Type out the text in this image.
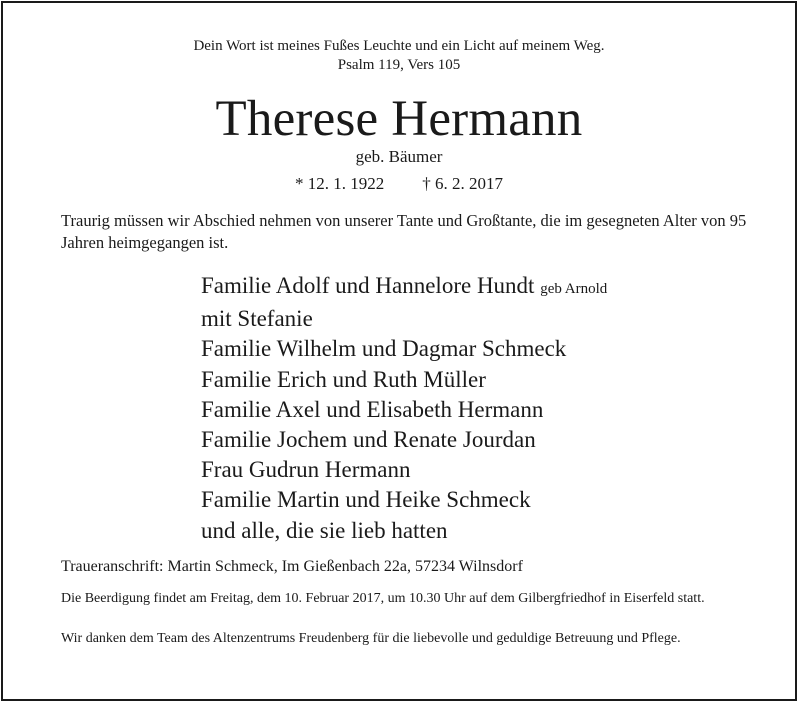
Dein Wort ist meines Fußes Leuchte und ein Licht auf meinem Weg.
Psalm 119, Vers 105
Therese Hermann
geb. Bäumer
* 12. 1. 1922 † 6. 2. 2017
Traurig müssen wir Abschied nehmen von unserer Tante und Großtante, die im gesegneten Alter von 95 Jahren heimgegangen ist.
Familie Adolf und Hannelore Hundt geb Arnold
mit Stefanie
Familie Wilhelm und Dagmar Schmeck
Familie Erich und Ruth Müller
Familie Axel und Elisabeth Hermann
Familie Jochem und Renate Jourdan
Frau Gudrun Hermann
Familie Martin und Heike Schmeck
und alle, die sie lieb hatten
Traueranschrift: Martin Schmeck, Im Gießenbach 22a, 57234 Wilnsdorf
Die Beerdigung findet am Freitag, dem 10. Februar 2017, um 10.30 Uhr auf dem Gilbergfriedhof in Eiserfeld statt.
Wir danken dem Team des Altenzentrums Freudenberg für die liebevolle und geduldige Betreuung und Pflege.
